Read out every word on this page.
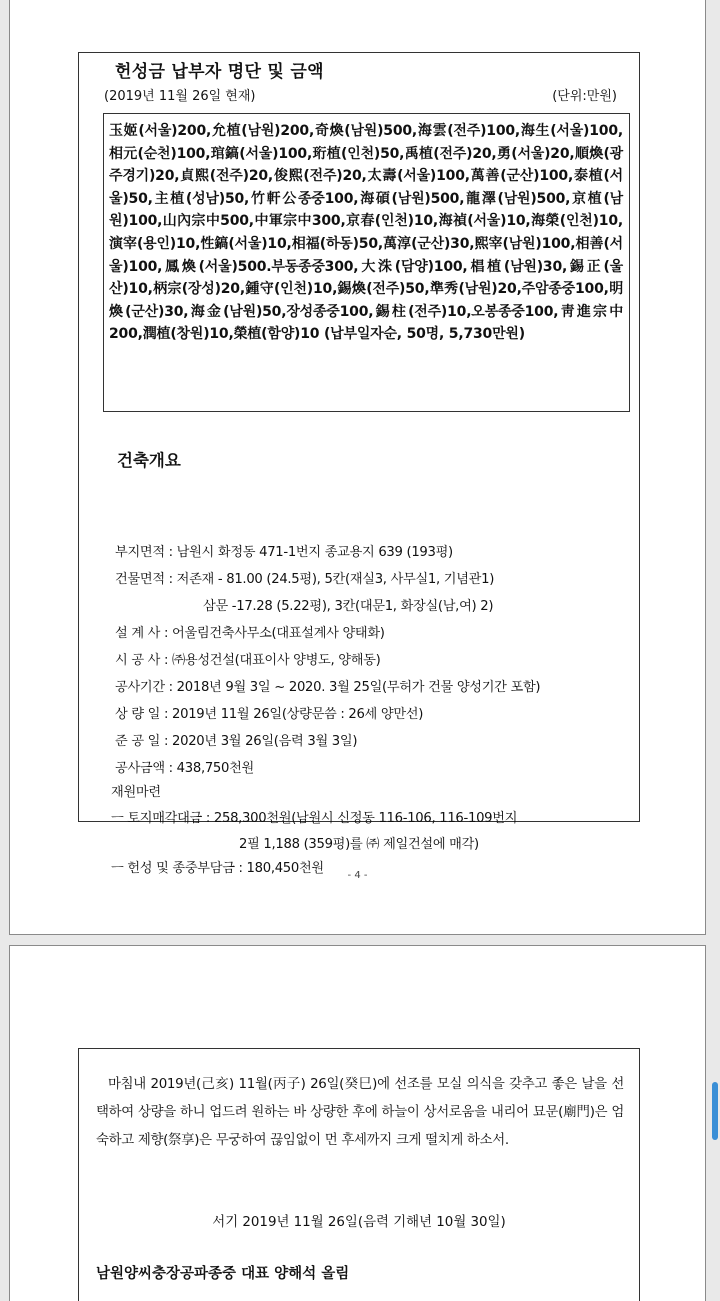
헌성금 납부자 명단 및 금액
(2019년 11월 26일 현재)	(단위:만원)
玉姬(서울)200,允植(남원)200,奇煥(남원)500,海雲(전주)100,海生(서울)100,相元(순천)100,琯鎬(서울)100,珩植(인천)50,禹植(전주)20,勇(서울)20,順煥(광주경기)20,貞熙(전주)20,俊熙(전주)20,太壽(서울)100,萬善(군산)100,泰植(서울)50,主植(성남)50,竹軒公종중100,海碩(남원)500,龍澤(남원)500,京植(남원)100,山內宗中500,中軍宗中300,京春(인천)10,海禎(서울)10,海榮(인천)10,演宰(용인)10,性鎬(서울)10,相福(하동)50,萬淳(군산)30,熙宰(남원)100,相善(서울)100,鳳煥(서울)500.부동종중300,大洙(담양)100,椙植(남원)30,錫正(울산)10,柄宗(장성)20,鍾守(인천)10,錫煥(전주)50,準秀(남원)20,주암종중100,明煥(군산)30,海金(남원)50,장성종중100,錫柱(전주)10,오봉종중100,靑進宗中200,潤植(창원)10,榮植(함양)10 (납부일자순, 50명, 5,730만원)
건축개요
부지면적 : 남원시 화정동 471-1번지 종교용지 639 (193평)
건물면적 : 저존재 - 81.00 (24.5평), 5칸(재실3, 사무실1, 기념관1)
삼문 -17.28 (5.22평), 3칸(대문1, 화장실(남,여) 2)
설 계 사 : 어울림건축사무소(대표설계사 양태화)
시 공 사 : ㈜용성건설(대표이사 양병도, 양해동)
공사기간 : 2018년 9월 3일 ~ 2020. 3월 25일(무허가 건물 양성기간 포함)
상 량 일 : 2019년 11월 26일(상량문씀 : 26세 양만선)
준 공 일 : 2020년 3월 26일(음력 3월 3일)
공사금액 : 438,750천원
재원마련
ㅡ 토지매각대금 : 258,300천원(남원시 신정동 116-106, 116-109번지
2필 1,188 (359평)를 ㈜ 제일건설에 매각)
ㅡ 헌성 및 종중부담금 : 180,450천원	- 4 -
마침내 2019년(己亥) 11월(丙子) 26일(癸巳)에 선조를 모실 의식을 갖추고 좋은 날을 선택하여 상량을 하니 업드려 원하는 바 상량한 후에 하늘이 상서로움을 내리어 묘문(廟門)은 엄숙하고 제향(祭享)은 무궁하여 끊임없이 먼 후세까지 크게 떨치게 하소서.
서기 2019년 11월 26일(음력 기해년 10월 30일)
남원양씨충장공파종중 대표 양해석 올림
